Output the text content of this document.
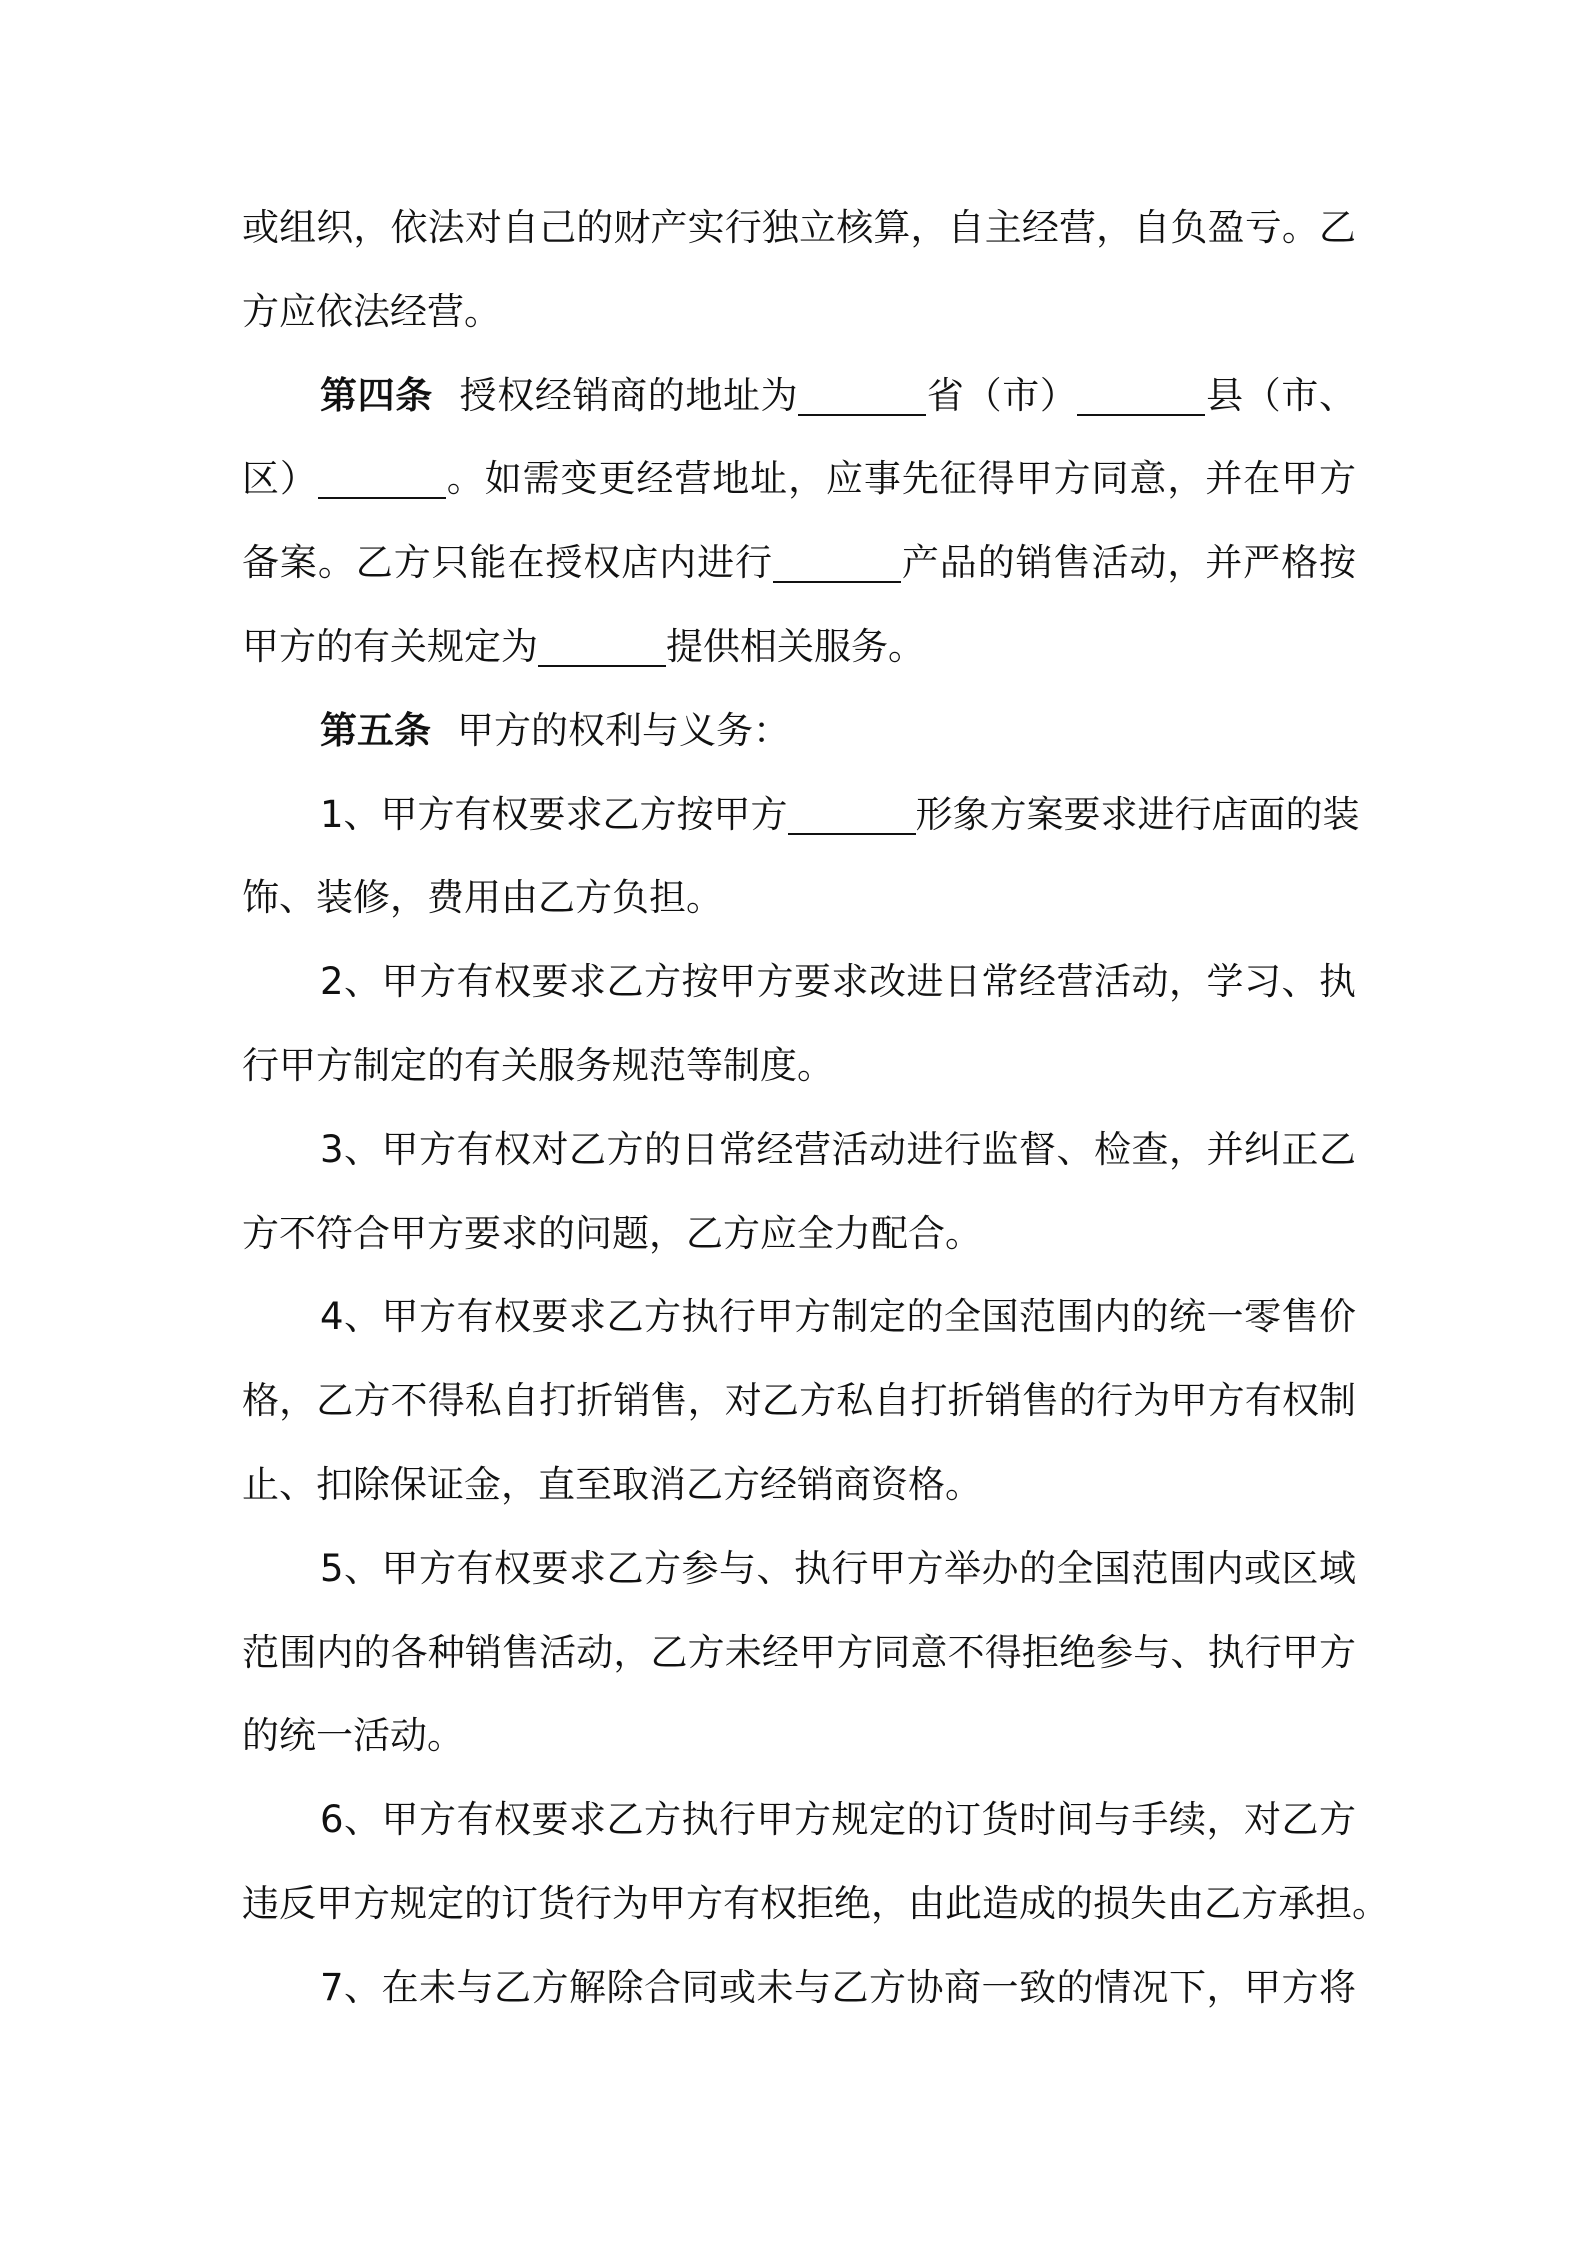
或组织，依法对自己的财产实行独立核算，自主经营，自负盈亏。乙
方应依法经营。
第四条 授权经销商的地址为	省（市）	县（市、
区）	。如需变更经营地址，应事先征得甲方同意，并在甲方
备案。乙方只能在授权店内进行	产品的销售活动，并严格按
甲方的有关规定为	提供相关服务。
第五条 甲方的权利与义务：
1、甲方有权要求乙方按甲方	形象方案要求进行店面的装
饰、装修，费用由乙方负担。
2、甲方有权要求乙方按甲方要求改进日常经营活动，学习、执
行甲方制定的有关服务规范等制度。
3、甲方有权对乙方的日常经营活动进行监督、检查，并纠正乙
方不符合甲方要求的问题，乙方应全力配合。
4、甲方有权要求乙方执行甲方制定的全国范围内的统一零售价
格，乙方不得私自打折销售，对乙方私自打折销售的行为甲方有权制
止、扣除保证金，直至取消乙方经销商资格。
5、甲方有权要求乙方参与、执行甲方举办的全国范围内或区域
范围内的各种销售活动，乙方未经甲方同意不得拒绝参与、执行甲方
的统一活动。
6、甲方有权要求乙方执行甲方规定的订货时间与手续，对乙方
违反甲方规定的订货行为甲方有权拒绝，由此造成的损失由乙方承担。
7、在未与乙方解除合同或未与乙方协商一致的情况下，甲方将
